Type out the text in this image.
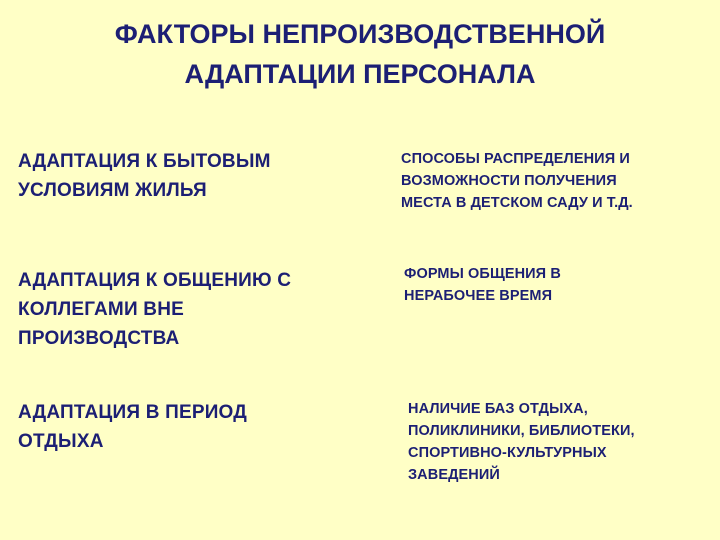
ФАКТОРЫ НЕПРОИЗВОДСТВЕННОЙ
АДАПТАЦИИ ПЕРСОНАЛА
АДАПТАЦИЯ К БЫТОВЫМ
УСЛОВИЯМ ЖИЛЬЯ
СПОСОБЫ РАСПРЕДЕЛЕНИЯ И
ВОЗМОЖНОСТИ ПОЛУЧЕНИЯ
МЕСТА В ДЕТСКОМ САДУ И Т.Д.
АДАПТАЦИЯ К ОБЩЕНИЮ С
КОЛЛЕГАМИ ВНЕ
ПРОИЗВОДСТВА
ФОРМЫ ОБЩЕНИЯ В
НЕРАБОЧЕЕ ВРЕМЯ
АДАПТАЦИЯ В ПЕРИОД
ОТДЫХА
НАЛИЧИЕ БАЗ ОТДЫХА,
ПОЛИКЛИНИКИ, БИБЛИОТЕКИ,
СПОРТИВНО-КУЛЬТУРНЫХ
ЗАВЕДЕНИЙ
